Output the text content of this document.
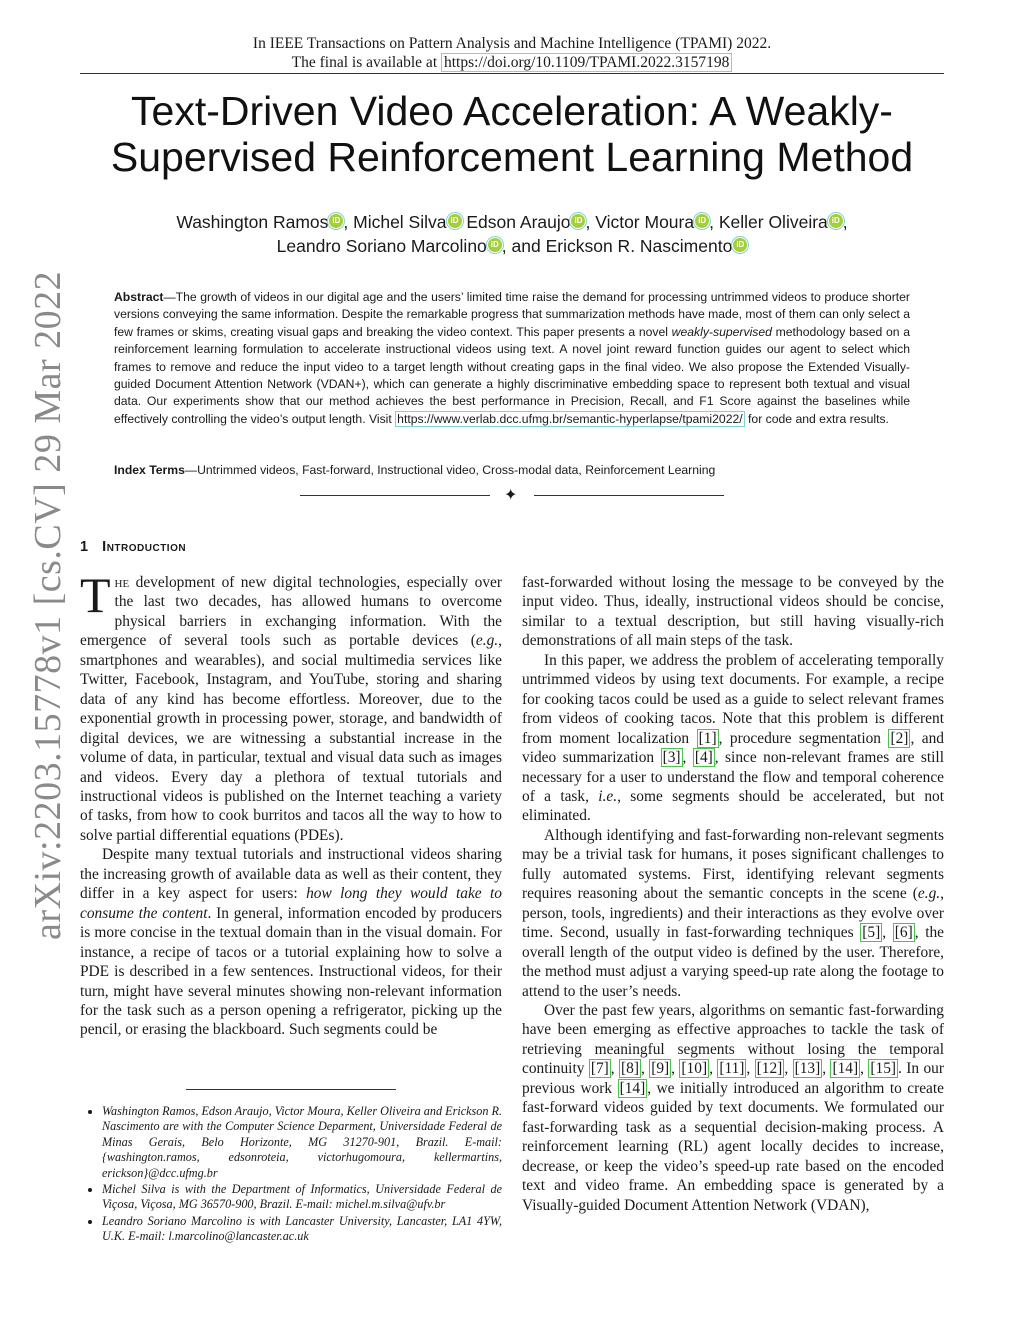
In IEEE Transactions on Pattern Analysis and Machine Intelligence (TPAMI) 2022.
The final is available at https://doi.org/10.1109/TPAMI.2022.3157198
arXiv:2203.15778v1 [cs.CV] 29 Mar 2022
Text-Driven Video Acceleration: A Weakly-
Supervised Reinforcement Learning Method
Washington Ramos iD , Michel Silva iD Edson Araujo iD , Victor Moura iD , Keller Oliveira iD ,
Leandro Soriano Marcolino iD , and Erickson R. Nascimento iD
Abstract—The growth of videos in our digital age and the users’ limited time raise the demand for processing untrimmed videos to produce shorter versions conveying the same information. Despite the remarkable progress that summarization methods have made, most of them can only select a few frames or skims, creating visual gaps and breaking the video context. This paper presents a novel weakly-supervised methodology based on a reinforcement learning formulation to accelerate instructional videos using text. A novel joint reward function guides our agent to select which frames to remove and reduce the input video to a target length without creating gaps in the final video. We also propose the Extended Visually-guided Document Attention Network (VDAN+), which can generate a highly discriminative embedding space to represent both textual and visual data. Our experiments show that our method achieves the best performance in Precision, Recall, and F1 Score against the baselines while effectively controlling the video’s output length. Visit https://www.verlab.dcc.ufmg.br/semantic-hyperlapse/tpami2022/ for code and extra results.
Index Terms—Untrimmed videos, Fast-forward, Instructional video, Cross-modal data, Reinforcement Learning
✦
1 Introduction

The development of new digital technologies, especially over the last two decades, has allowed humans to overcome physical barriers in exchanging information. With the emergence of several tools such as portable devices (e.g., smartphones and wearables), and social multimedia services like Twitter, Facebook, Instagram, and YouTube, storing and sharing data of any kind has become effortless. Moreover, due to the exponential growth in processing power, storage, and bandwidth of digital devices, we are witnessing a substantial increase in the volume of data, in particular, textual and visual data such as images and videos. Every day a plethora of textual tutorials and instructional videos is published on the Internet teaching a variety of tasks, from how to cook burritos and tacos all the way to how to solve partial differential equations (PDEs).

Despite many textual tutorials and instructional videos sharing the increasing growth of available data as well as their content, they differ in a key aspect for users: how long they would take to consume the content. In general, information encoded by producers is more concise in the textual domain than in the visual domain. For instance, a recipe of tacos or a tutorial explaining how to solve a PDE is described in a few sentences. Instructional videos, for their turn, might have several minutes showing non-relevant information for the task such as a person opening a refrigerator, picking up the pencil, or erasing the blackboard. Such segments could be

• Washington Ramos, Edson Araujo, Victor Moura, Keller Oliveira and Erickson R. Nascimento are with the Computer Science Deparment, Universidade Federal de Minas Gerais, Belo Horizonte, MG 31270-901, Brazil. E-mail: {washington.ramos, edsonroteia, victorhugomoura, kellermartins, erickson}@dcc.ufmg.br
• Michel Silva is with the Department of Informatics, Universidade Federal de Viçosa, Viçosa, MG 36570-900, Brazil. E-mail: michel.m.silva@ufv.br
• Leandro Soriano Marcolino is with Lancaster University, Lancaster, LA1 4YW, U.K. E-mail: l.marcolino@lancaster.ac.uk

fast-forwarded without losing the message to be conveyed by the input video. Thus, ideally, instructional videos should be concise, similar to a textual description, but still having visually-rich demonstrations of all main steps of the task.

In this paper, we address the problem of accelerating temporally untrimmed videos by using text documents. For example, a recipe for cooking tacos could be used as a guide to select relevant frames from videos of cooking tacos. Note that this problem is different from moment localization [1] , procedure segmentation [2] , and video summarization [3] , [4] , since non-relevant frames are still necessary for a user to understand the flow and temporal coherence of a task, i.e., some segments should be accelerated, but not eliminated.

Although identifying and fast-forwarding non-relevant segments may be a trivial task for humans, it poses significant challenges to fully automated systems. First, identifying relevant segments requires reasoning about the semantic concepts in the scene (e.g., person, tools, ingredients) and their interactions as they evolve over time. Second, usually in fast-forwarding techniques [5] , [6] , the overall length of the output video is defined by the user. Therefore, the method must adjust a varying speed-up rate along the footage to attend to the user’s needs.

Over the past few years, algorithms on semantic fast-forwarding have been emerging as effective approaches to tackle the task of retrieving meaningful segments without losing the temporal continuity [7] , [8] , [9] , [10] , [11] , [12] , [13] , [14] , [15] . In our previous work [14] , we initially introduced an algorithm to create fast-forward videos guided by text documents. We formulated our fast-forwarding task as a sequential decision-making process. A reinforcement learning (RL) agent locally decides to increase, decrease, or keep the video’s speed-up rate based on the encoded text and video frame. An embedding space is generated by a Visually-guided Document Attention Network (VDAN),
